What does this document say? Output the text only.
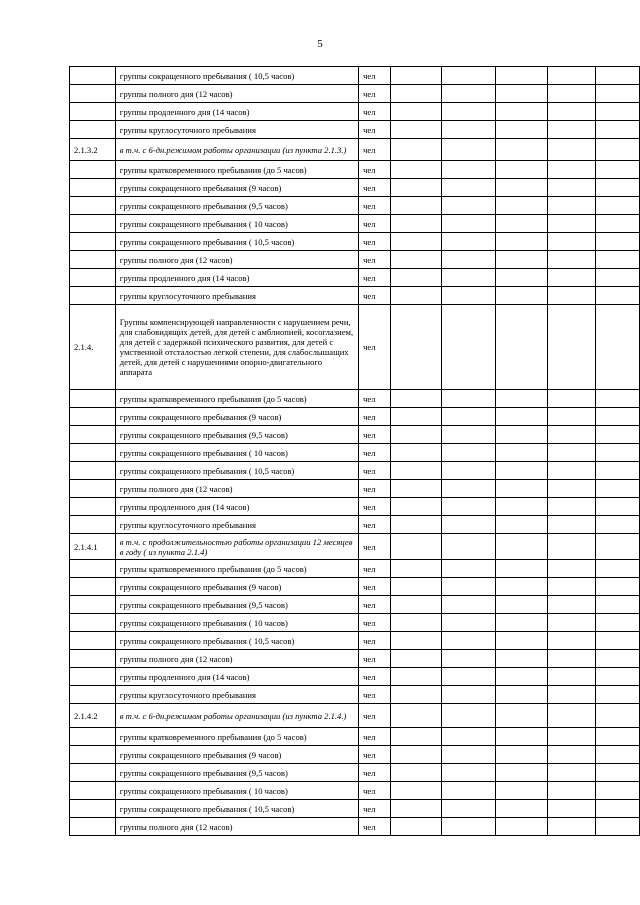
5
	группы сокращенного пребывания ( 10,5 часов)	чел					
	группы полного дня (12 часов)	чел					
	группы продленного дня (14 часов)	чел					
	группы круглосуточного пребывания	чел					
2.1.3.2	в т.ч. с 6-дн.режимом работы организации (из пункта 2.1.3.)	чел					
	группы кратковременного пребывания (до 5 часов)	чел					
	группы сокращенного пребывания (9 часов)	чел					
	группы сокращенного пребывания (9,5 часов)	чел					
	группы сокращенного пребывания ( 10 часов)	чел					
	группы сокращенного пребывания ( 10,5 часов)	чел					
	группы полного дня (12 часов)	чел					
	группы продленного дня (14 часов)	чел					
	группы круглосуточного пребывания	чел					
2.1.4.	Группы компенсирующей направленности с нарушением речи, для слабовидящих детей, для детей с амблиопией, косоглазием, для детей с задержкой психического развития, для детей с умственной отсталостью легкой степени, для слабослышащих детей, для детей с нарушениями опорно-двигательного аппарата	чел					
	группы кратковременного пребывания (до 5 часов)	чел					
	группы сокращенного пребывания (9 часов)	чел					
	группы сокращенного пребывания (9,5 часов)	чел					
	группы сокращенного пребывания ( 10 часов)	чел					
	группы сокращенного пребывания ( 10,5 часов)	чел					
	группы полного дня (12 часов)	чел					
	группы продленного дня (14 часов)	чел					
	группы круглосуточного пребывания	чел					
2.1.4.1	в т.ч. с продолжительностью работы организации 12 месяцев в году ( из пункта 2.1.4)	чел					
	группы кратковременного пребывания (до 5 часов)	чел					
	группы сокращенного пребывания (9 часов)	чел					
	группы сокращенного пребывания (9,5 часов)	чел					
	группы сокращенного пребывания ( 10 часов)	чел					
	группы сокращенного пребывания ( 10,5 часов)	чел					
	группы полного дня (12 часов)	чел					
	группы продленного дня (14 часов)	чел					
	группы круглосуточного пребывания	чел					
2.1.4.2	в т.ч. с 6-дн.режимом работы организации (из пункта 2.1.4.)	чел					
	группы кратковременного пребывания (до 5 часов)	чел					
	группы сокращенного пребывания (9 часов)	чел					
	группы сокращенного пребывания (9,5 часов)	чел					
	группы сокращенного пребывания ( 10 часов)	чел					
	группы сокращенного пребывания ( 10,5 часов)	чел					
	группы полного дня (12 часов)	чел					
